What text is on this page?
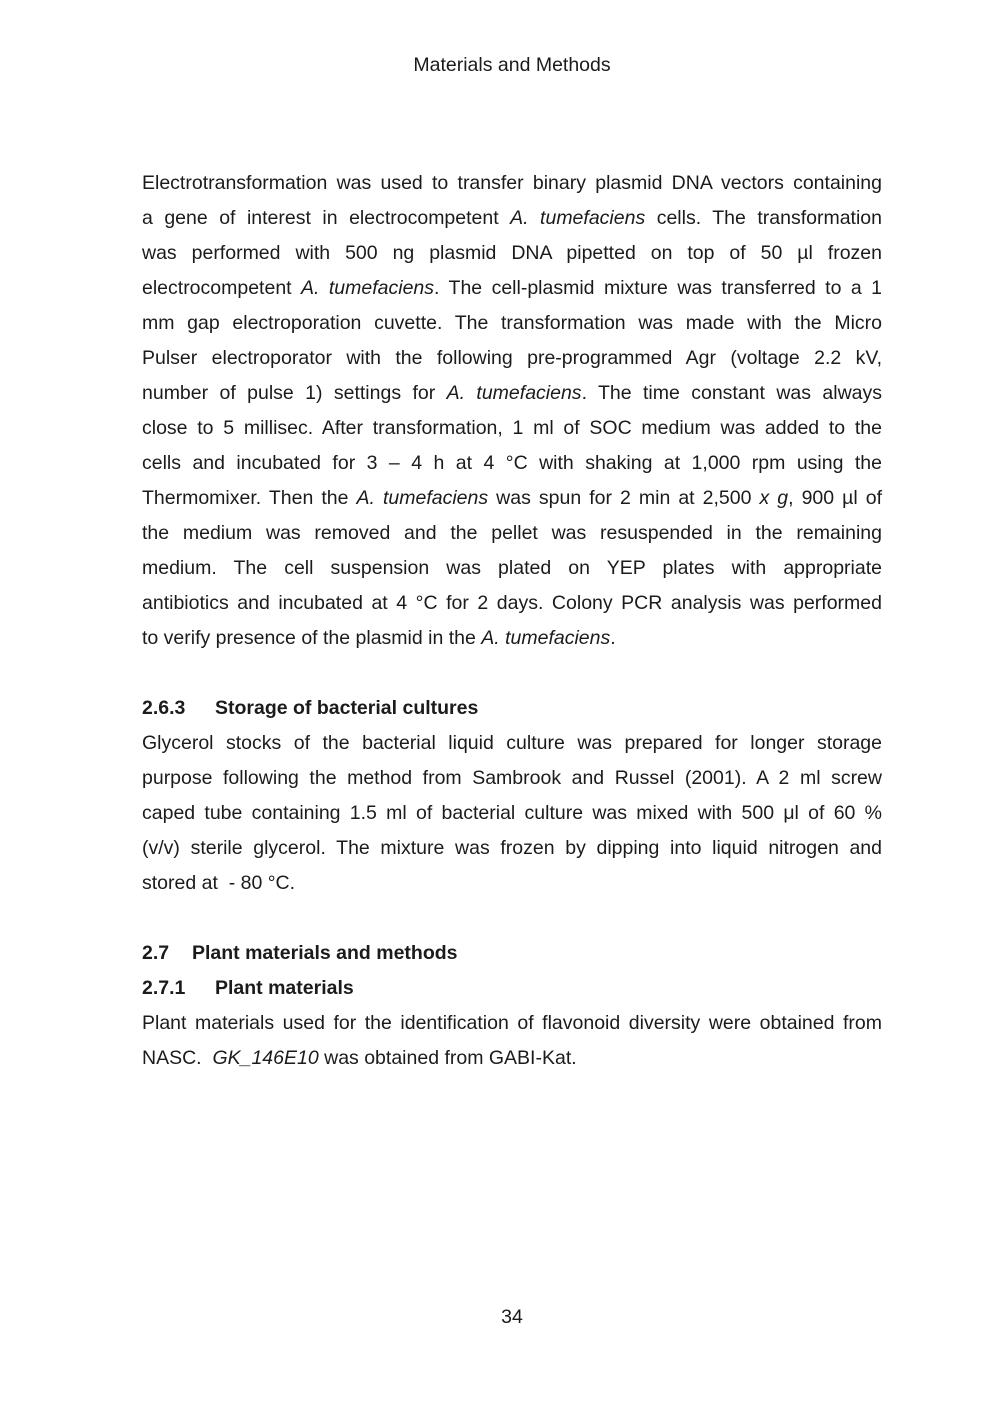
Materials and Methods
Electrotransformation was used to transfer binary plasmid DNA vectors containing
a gene of interest in electrocompetent A. tumefaciens cells. The transformation
was performed with 500 ng plasmid DNA pipetted on top of 50 µl frozen
electrocompetent A. tumefaciens. The cell-plasmid mixture was transferred to a 1
mm gap electroporation cuvette. The transformation was made with the Micro
Pulser electroporator with the following pre-programmed Agr (voltage 2.2 kV,
number of pulse 1) settings for A. tumefaciens. The time constant was always
close to 5 millisec. After transformation, 1 ml of SOC medium was added to the
cells and incubated for 3 – 4 h at 4 °C with shaking at 1,000 rpm using the
Thermomixer. Then the A. tumefaciens was spun for 2 min at 2,500 x g, 900 µl of
the medium was removed and the pellet was resuspended in the remaining
medium. The cell suspension was plated on YEP plates with appropriate
antibiotics and incubated at 4 °C for 2 days. Colony PCR analysis was performed
to verify presence of the plasmid in the A. tumefaciens.
2.6.3 Storage of bacterial cultures
Glycerol stocks of the bacterial liquid culture was prepared for longer storage
purpose following the method from Sambrook and Russel (2001). A 2 ml screw
caped tube containing 1.5 ml of bacterial culture was mixed with 500 μl of 60 %
(v/v) sterile glycerol. The mixture was frozen by dipping into liquid nitrogen and
stored at  - 80 °C.
2.7 Plant materials and methods
2.7.1 Plant materials
Plant materials used for the identification of flavonoid diversity were obtained from
NASC.  GK_146E10 was obtained from GABI-Kat.
34
